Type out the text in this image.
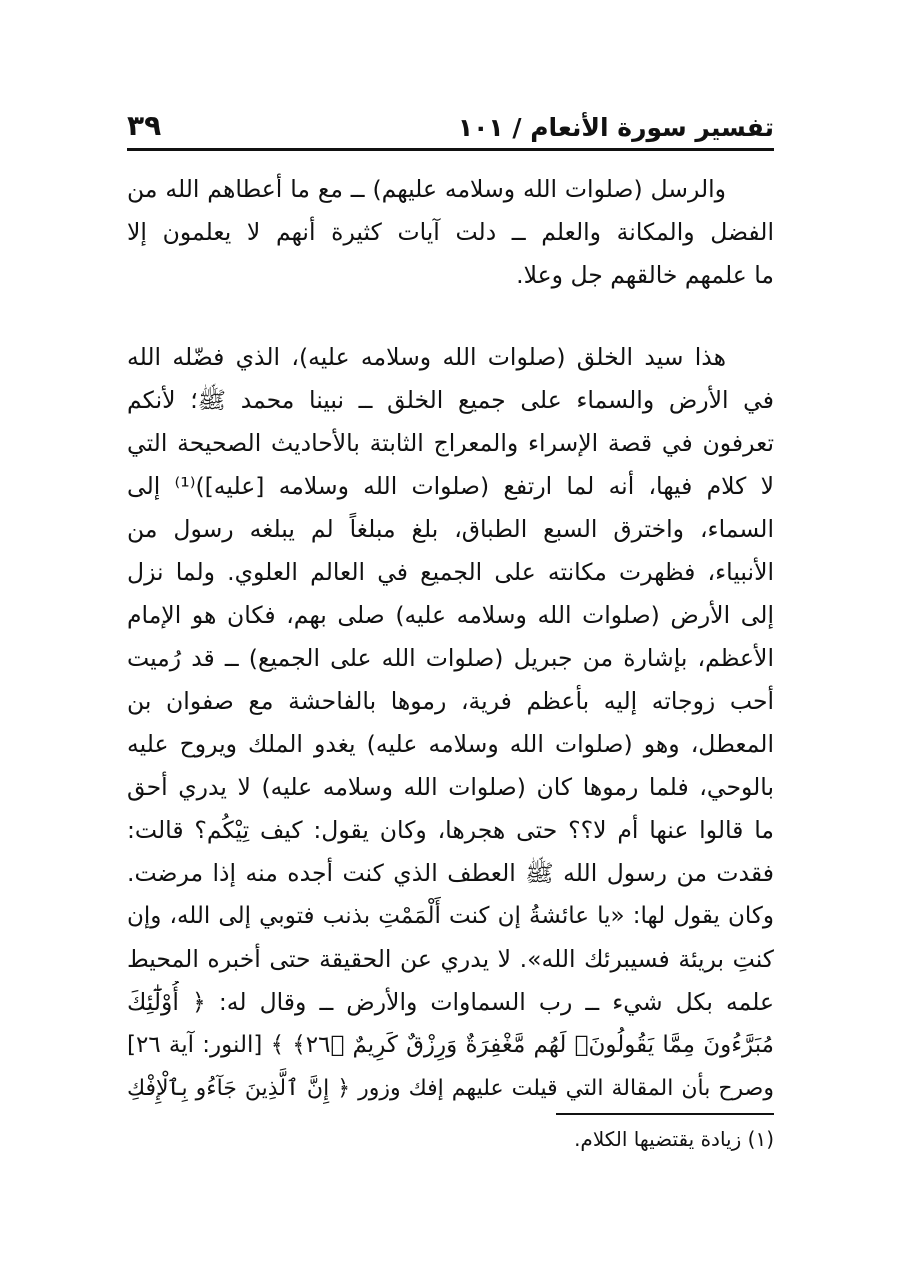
تفسير سورة الأنعام / ١٠١
٣٩
والرسل (صلوات الله وسلامه عليهم) ــ مع ما أعطاهم الله من
الفضل والمكانة والعلم ــ دلت آيات كثيرة أنهم لا يعلمون إلا
ما علمهم خالقهم جل وعلا.
هذا سيد الخلق (صلوات الله وسلامه عليه)، الذي فضّله الله
في الأرض والسماء على جميع الخلق ــ نبينا محمد ﷺ؛ لأنكم
تعرفون في قصة الإسراء والمعراج الثابتة بالأحاديث الصحيحة التي
لا كلام فيها، أنه لما ارتفع (صلوات الله وسلامه [عليه])⁽¹⁾ إلى
السماء، واخترق السبع الطباق، بلغ مبلغاً لم يبلغه رسول من
الأنبياء، فظهرت مكانته على الجميع في العالم العلوي. ولما نزل
إلى الأرض (صلوات الله وسلامه عليه) صلى بهم، فكان هو الإمام
الأعظم، بإشارة من جبريل (صلوات الله على الجميع) ــ قد رُميت
أحب زوجاته إليه بأعظم فرية، رموها بالفاحشة مع صفوان بن
المعطل، وهو (صلوات الله وسلامه عليه) يغدو الملك ويروح عليه
بالوحي، فلما رموها كان (صلوات الله وسلامه عليه) لا يدري أحق
ما قالوا عنها أم لا؟؟ حتى هجرها، وكان يقول: كيف تِيْكُم؟ قالت:
فقدت من رسول الله ﷺ العطف الذي كنت أجده منه إذا مرضت.
وكان يقول لها: «يا عائشةُ إن كنت أَلْمَمْتِ بذنب فتوبي إلى الله، وإن
كنتِ بريئة فسيبرئك الله». لا يدري عن الحقيقة حتى أخبره المحيط
علمه بكل شيء ــ رب السماوات والأرض ــ وقال له: ﴿ أُوْلَٰٓئِكَ
مُبَرَّءُونَ مِمَّا يَقُولُونَۖ لَهُم مَّغْفِرَةٌ وَرِزْقٌ كَرِيمٌ ﴿٢٦﴾ ﴾ [النور: آية ٢٦]
وصرح بأن المقالة التي قيلت عليهم إفك وزور ﴿ إِنَّ ٱلَّذِينَ جَآءُو بِٱلْإِفْكِ
(١) زيادة يقتضيها الكلام.
